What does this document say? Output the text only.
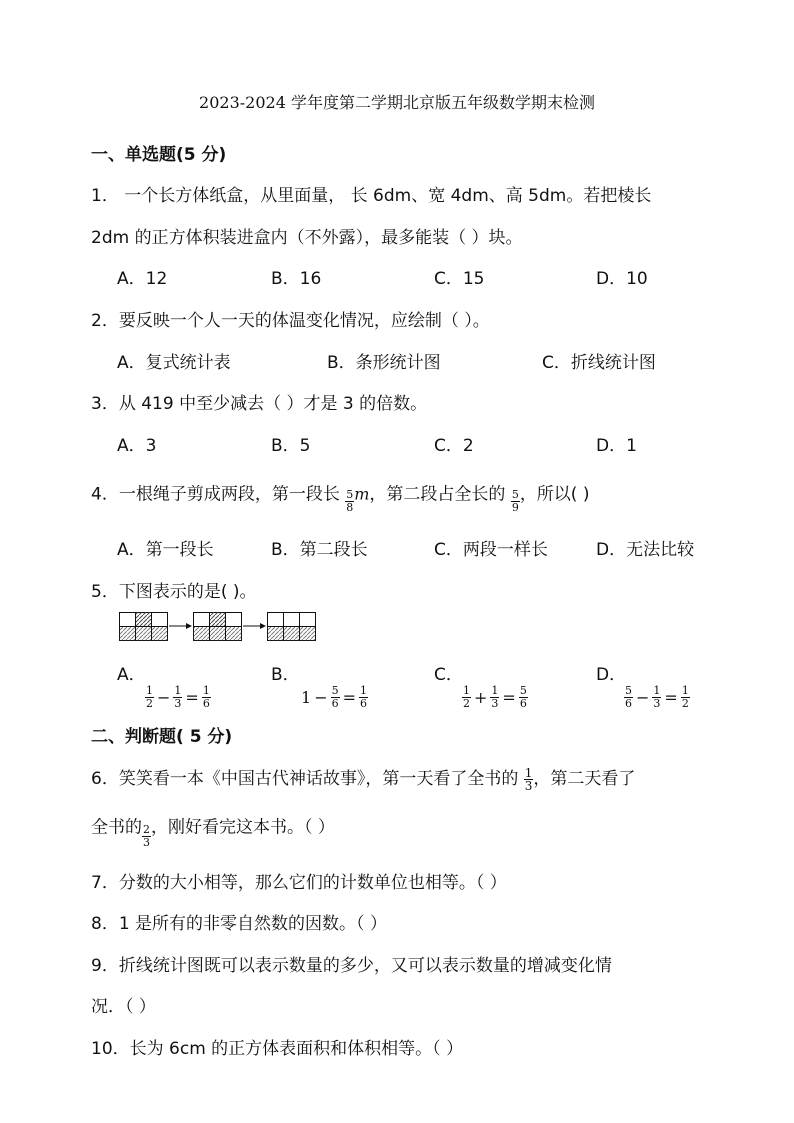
2023-2024 学年度第二学期北京版五年级数学期末检测
一、单选题(5 分)
1． 一个长方体纸盒，从里面量， 长 6dm、宽 4dm、高 5dm。若把棱长
2dm 的正方体积装进盒内（不外露），最多能装（ ）块。
A．12	B．16	C．15	D．10
2．要反映一个人一天的体温变化情况，应绘制（ ）。
A．复式统计表	B．条形统计图	C．折线统计图
3．从 419 中至少减去（ ）才是 3 的倍数。
A．3	B．5	C．2	D．1
4．一根绳子剪成两段，第一段长 $\frac{5}{8}$ m，第二段占全长的 $\frac{5}{9}$ ，所以( )
A．第一段长	B．第二段长	C．两段一样长	D．无法比较
5．下图表示的是( )。
A．

$\frac{1}{2} - \frac{1}{3} = \frac{1}{6}$
B．
$1 - \frac{5}{6} = \frac{1}{6}$
C．

$\frac{1}{2} + \frac{1}{3} = \frac{5}{6}$
D．

$\frac{5}{6} - \frac{1}{3} = \frac{1}{2}$
二、判断题( 5 分)
6．笑笑看一本《中国古代神话故事》，第一天看了全书的 $\frac{1}{3}$ ，第二天看了
全书的 $\frac{2}{3}$ ，刚好看完这本书。（ ）
7．分数的大小相等，那么它们的计数单位也相等。（ ）
8．1 是所有的非零自然数的因数。（ ）
9．折线统计图既可以表示数量的多少，又可以表示数量的增减变化情
况．（ ）
10．长为 6cm 的正方体表面积和体积相等。（ ）
